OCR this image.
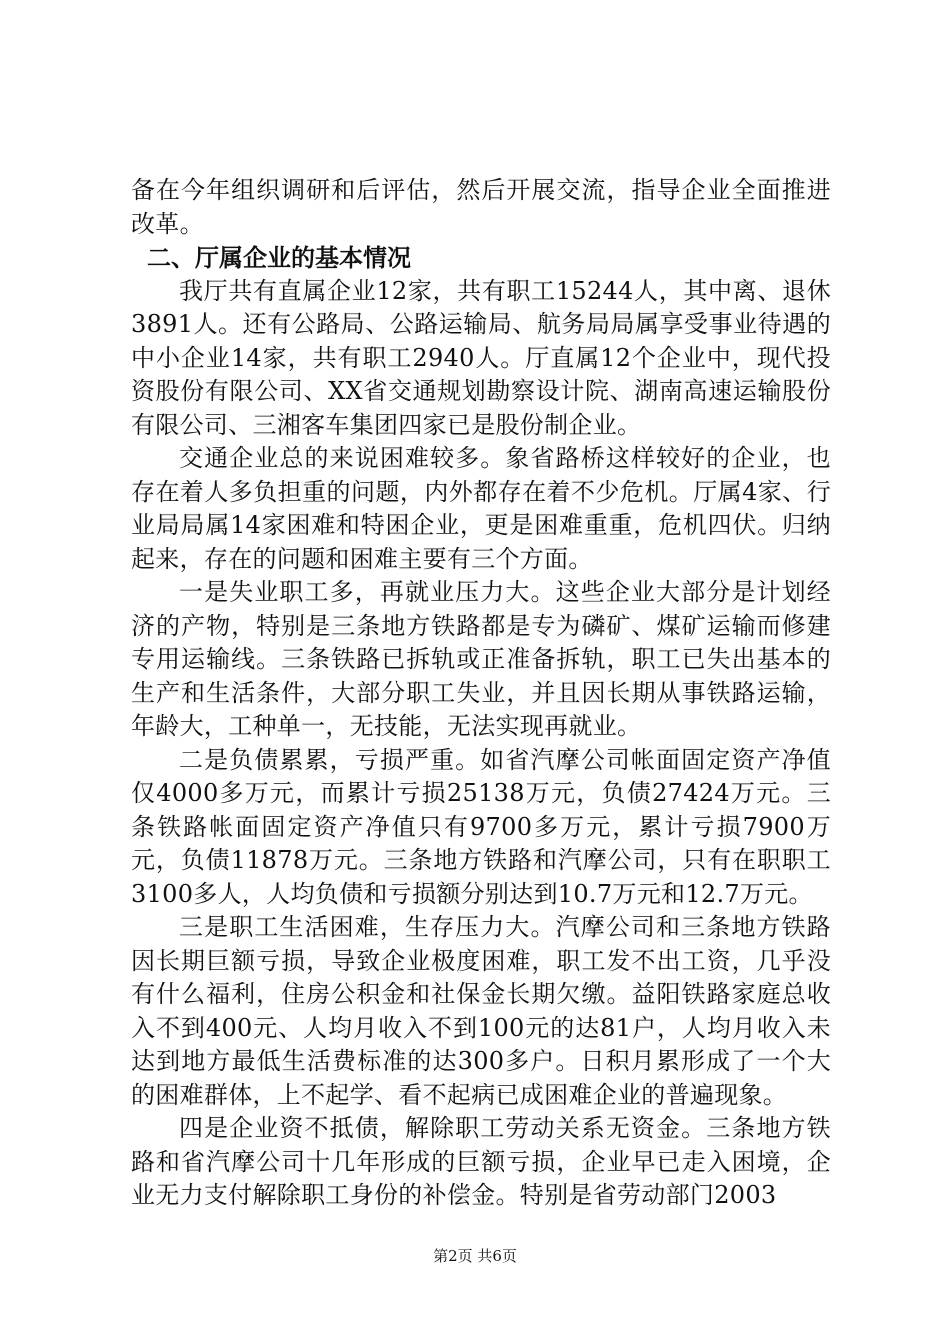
备在今年组织调研和后评估，然后开展交流，指导企业全面推进改革。

二、厅属企业的基本情况

我厅共有直属企业12家，共有职工15244人，其中离、退休3891人。还有公路局、公路运输局、航务局局属享受事业待遇的中小企业14家，共有职工2940人。厅直属12个企业中，现代投资股份有限公司、XX省交通规划勘察设计院、湖南高速运输股份有限公司、三湘客车集团四家已是股份制企业。

交通企业总的来说困难较多。象省路桥这样较好的企业，也存在着人多负担重的问题，内外都存在着不少危机。厅属4家、行业局局属14家困难和特困企业，更是困难重重，危机四伏。归纳起来，存在的问题和困难主要有三个方面。

一是失业职工多，再就业压力大。这些企业大部分是计划经济的产物，特别是三条地方铁路都是专为磷矿、煤矿运输而修建专用运输线。三条铁路已拆轨或正准备拆轨，职工已失出基本的生产和生活条件，大部分职工失业，并且因长期从事铁路运输，年龄大，工种单一，无技能，无法实现再就业。

二是负债累累，亏损严重。如省汽摩公司帐面固定资产净值仅4000多万元，而累计亏损25138万元，负债27424万元。三条铁路帐面固定资产净值只有9700多万元，累计亏损7900万元，负债11878万元。三条地方铁路和汽摩公司，只有在职职工3100多人，人均负债和亏损额分别达到10.7万元和12.7万元。

三是职工生活困难，生存压力大。汽摩公司和三条地方铁路因长期巨额亏损，导致企业极度困难，职工发不出工资，几乎没有什么福利，住房公积金和社保金长期欠缴。益阳铁路家庭总收入不到400元、人均月收入不到100元的达81户，人均月收入未达到地方最低生活费标准的达300多户。日积月累形成了一个大的困难群体，上不起学、看不起病已成困难企业的普遍现象。

四是企业资不抵债，解除职工劳动关系无资金。三条地方铁路和省汽摩公司十几年形成的巨额亏损，企业早已走入困境，企业无力支付解除职工身份的补偿金。特别是省劳动部门2003

第2页 共6页
